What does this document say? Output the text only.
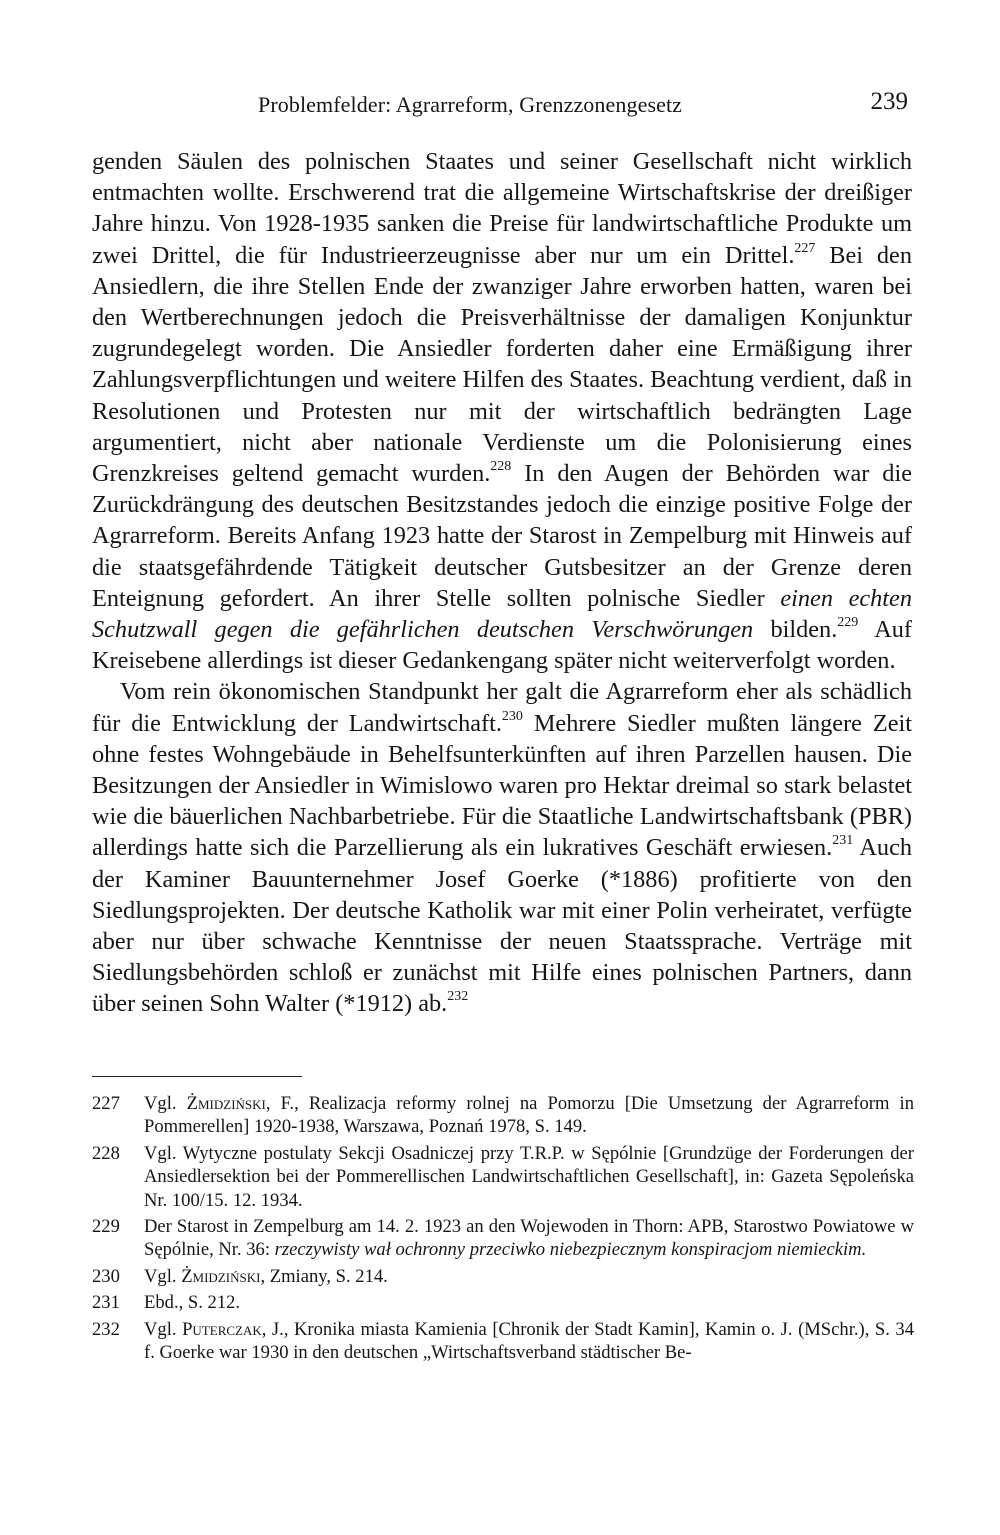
Problemfelder: Agrarreform, Grenzzonengesetz	239

genden Säulen des polnischen Staates und seiner Gesellschaft nicht wirklich entmachten wollte. Erschwerend trat die allgemeine Wirtschaftskrise der dreißiger Jahre hinzu. Von 1928-1935 sanken die Preise für landwirtschaftliche Produkte um zwei Drittel, die für Industrieerzeugnisse aber nur um ein Drittel.$^{227}$ Bei den Ansiedlern, die ihre Stellen Ende der zwanziger Jahre erworben hatten, waren bei den Wertberechnungen jedoch die Preisverhältnisse der damaligen Konjunktur zugrundegelegt worden. Die Ansiedler forderten daher eine Ermäßigung ihrer Zahlungsverpflichtungen und weitere Hilfen des Staates. Beachtung verdient, daß in Resolutionen und Protesten nur mit der wirtschaftlich bedrängten Lage argumentiert, nicht aber nationale Verdienste um die Polonisierung eines Grenzkreises geltend gemacht wurden.$^{228}$ In den Augen der Behörden war die Zurückdrängung des deutschen Besitzstandes jedoch die einzige positive Folge der Agrarreform. Bereits Anfang 1923 hatte der Starost in Zempelburg mit Hinweis auf die staatsgefährdende Tätigkeit deutscher Gutsbesitzer an der Grenze deren Enteignung gefordert. An ihrer Stelle sollten polnische Siedler einen echten Schutzwall gegen die gefährlichen deutschen Verschwörungen bilden.$^{229}$ Auf Kreisebene allerdings ist dieser Gedankengang später nicht weiterverfolgt worden.

Vom rein ökonomischen Standpunkt her galt die Agrarreform eher als schädlich für die Entwicklung der Landwirtschaft.$^{230}$ Mehrere Siedler mußten längere Zeit ohne festes Wohngebäude in Behelfsunterkünften auf ihren Parzellen hausen. Die Besitzungen der Ansiedler in Wimislowo waren pro Hektar dreimal so stark belastet wie die bäuerlichen Nachbarbetriebe. Für die Staatliche Landwirtschaftsbank (PBR) allerdings hatte sich die Parzellierung als ein lukratives Geschäft erwiesen.$^{231}$ Auch der Kaminer Bauunternehmer Josef Goerke (*1886) profitierte von den Siedlungsprojekten. Der deutsche Katholik war mit einer Polin verheiratet, verfügte aber nur über schwache Kenntnisse der neuen Staatssprache. Verträge mit Siedlungsbehörden schloß er zunächst mit Hilfe eines polnischen Partners, dann über seinen Sohn Walter (*1912) ab.$^{232}$

227	Vgl. Żmidziński, F., Realizacja reformy rolnej na Pomorzu [Die Umsetzung der Agrarreform in Pommerellen] 1920-1938, Warszawa, Poznań 1978, S. 149.
228	Vgl. Wytyczne postulaty Sekcji Osadniczej przy T.R.P. w Sępólnie [Grundzüge der Forderungen der Ansiedlersektion bei der Pommerellischen Landwirtschaftlichen Gesellschaft], in: Gazeta Sępoleńska Nr. 100/15. 12. 1934.
229	Der Starost in Zempelburg am 14. 2. 1923 an den Wojewoden in Thorn: APB, Starostwo Powiatowe w Sępólnie, Nr. 36: rzeczywisty wał ochronny przeciwko niebezpiecznym konspiracjom niemieckim.
230	Vgl. Żmidziński, Zmiany, S. 214.
231	Ebd., S. 212.
232	Vgl. Puterczak, J., Kronika miasta Kamienia [Chronik der Stadt Kamin], Kamin o. J. (MSchr.), S. 34 f. Goerke war 1930 in den deutschen „Wirtschaftsverband städtischer Be-
